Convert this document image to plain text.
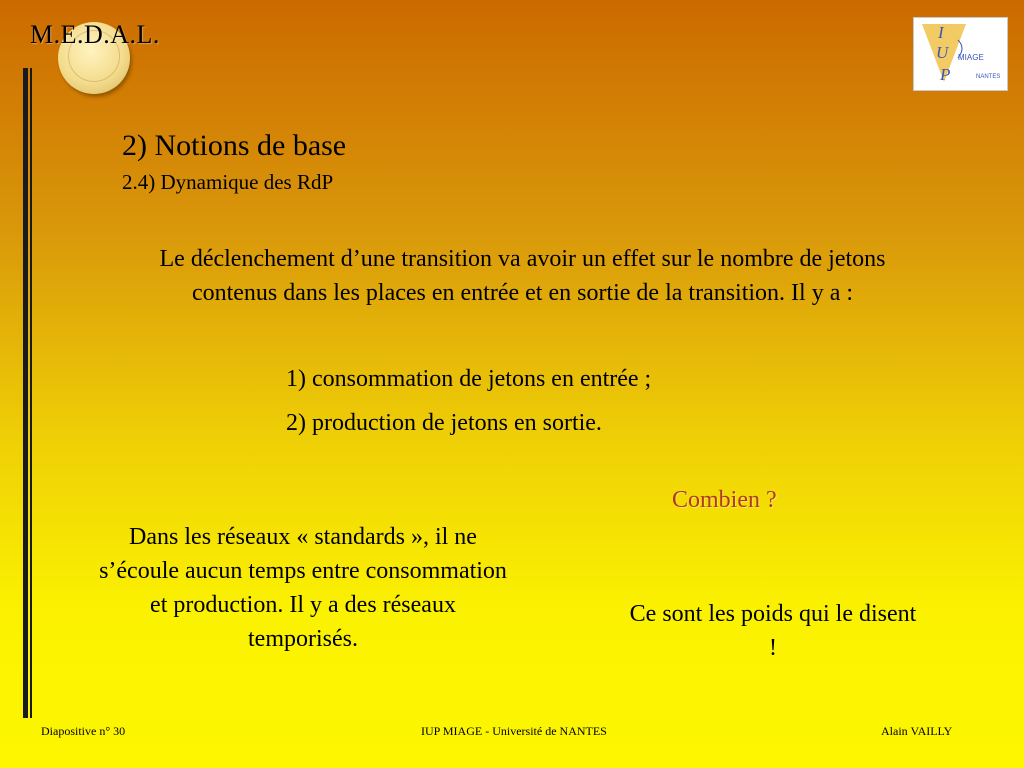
M.E.D.A.L.	I
U
P
MIAGE
NANTES
2) Notions de base
2.4) Dynamique des RdP
Le déclenchement d’une transition va avoir un effet sur le nombre de jetons contenus dans les places en entrée et en sortie de la transition. Il y a :
1) consommation de jetons en entrée ;
2) production de jetons en sortie.
Combien ?
Ce sont les poids qui le disent !
Dans les réseaux « standards », il ne s’écoule aucun temps entre consommation et production. Il y a des réseaux temporisés.
Diapositive n° 30	IUP MIAGE - Université de NANTES	Alain VAILLY
